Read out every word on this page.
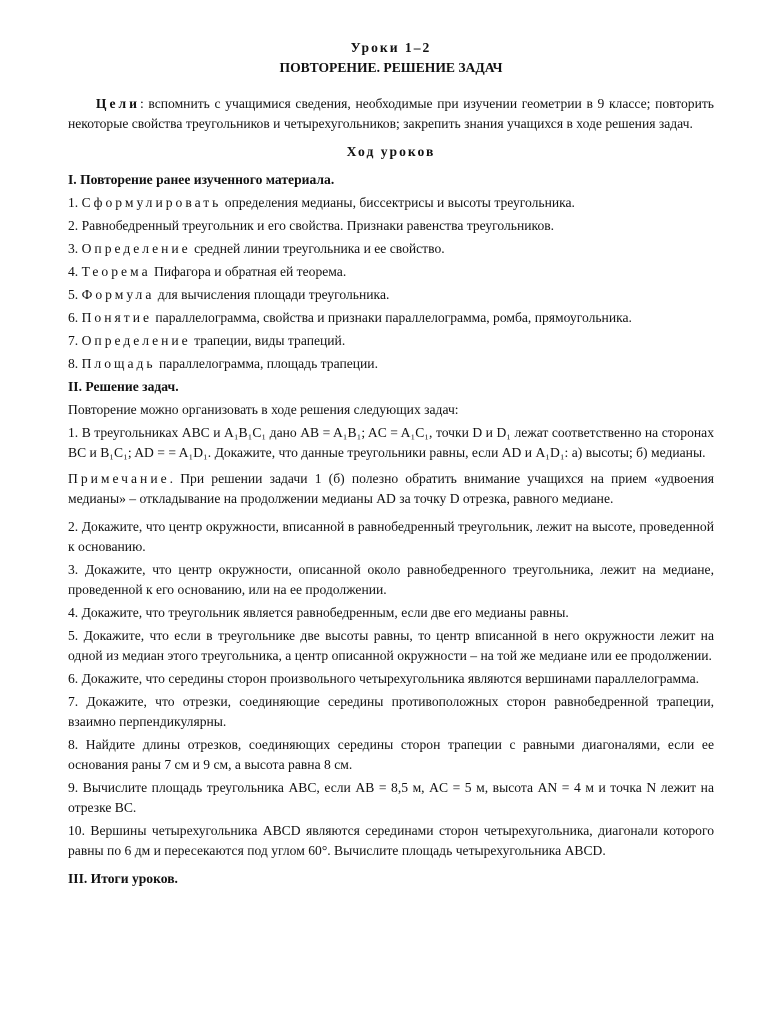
Уроки 1–2

ПОВТОРЕНИЕ. РЕШЕНИЕ ЗАДАЧ

Цели: вспомнить с учащимися сведения, необходимые при изучении геометрии в 9 классе; повторить некоторые свойства треугольников и четырехугольников; закрепить знания учащихся в ходе решения задач.

Ход уроков

I. Повторение ранее изученного материала.

1. Сформулировать определения медианы, биссектрисы и высоты треугольника.

2. Равнобедренный треугольник и его свойства. Признаки равенства треугольников.

3. Определение средней линии треугольника и ее свойство.

4. Теорема Пифагора и обратная ей теорема.

5. Формула для вычисления площади треугольника.

6. Понятие параллелограмма, свойства и признаки параллелограмма, ромба, прямоугольника.

7. Определение трапеции, виды трапеций.

8. Площадь параллелограмма, площадь трапеции.

II. Решение задач.

Повторение можно организовать в ходе решения следующих задач:

1. В треугольниках ABC и A₁B₁C₁ дано AB = A₁B₁; AC = A₁C₁, точки D и D₁ лежат соответственно на сторонах BC и B₁C₁; AD = = A₁D₁. Докажите, что данные треугольники равны, если AD и A₁D₁: а) высоты; б) медианы.

Примечание. При решении задачи 1 (б) полезно обратить внимание учащихся на прием «удвоения медианы» – откладывание на продолжении медианы AD за точку D отрезка, равного медиане.

2. Докажите, что центр окружности, вписанной в равнобедренный треугольник, лежит на высоте, проведенной к основанию.

3. Докажите, что центр окружности, описанной около равнобедренного треугольника, лежит на медиане, проведенной к его основанию, или на ее продолжении.

4. Докажите, что треугольник является равнобедренным, если две его медианы равны.

5. Докажите, что если в треугольнике две высоты равны, то центр вписанной в него окружности лежит на одной из медиан этого треугольника, а центр описанной окружности – на той же медиане или ее продолжении.

6. Докажите, что середины сторон произвольного четырехугольника являются вершинами параллелограмма.

7. Докажите, что отрезки, соединяющие середины противоположных сторон равнобедренной трапеции, взаимно перпендикулярны.

8. Найдите длины отрезков, соединяющих середины сторон трапеции с равными диагоналями, если ее основания раны 7 см и 9 см, а высота равна 8 см.

9. Вычислите площадь треугольника ABC, если AB = 8,5 м, AC = 5 м, высота AN = 4 м и точка N лежит на отрезке BC.

10. Вершины четырехугольника ABCD являются серединами сторон четырехугольника, диагонали которого равны по 6 дм и пересекаются под углом 60°. Вычислите площадь четырехугольника ABCD.

III. Итоги уроков.
